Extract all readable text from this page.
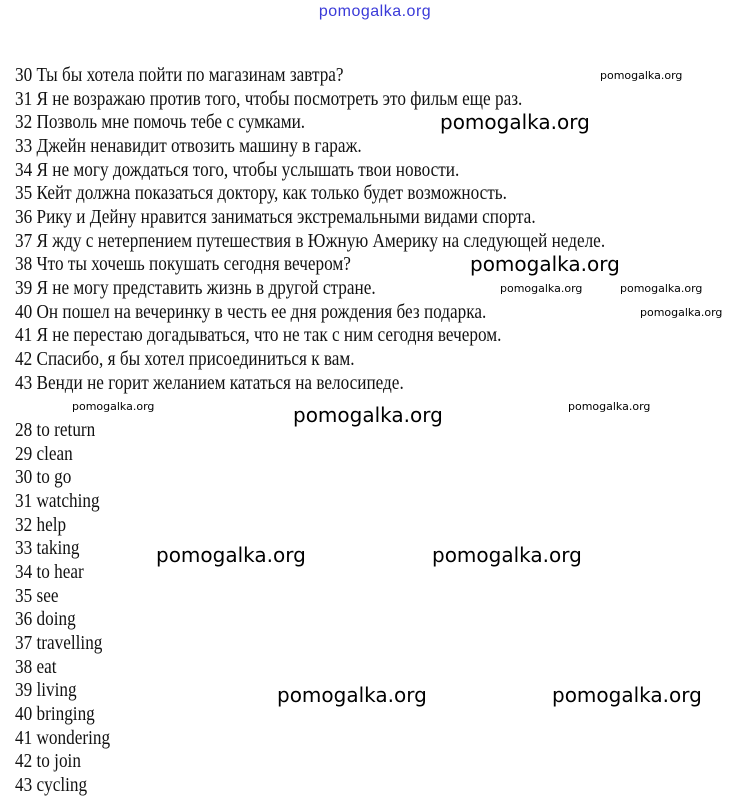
pomogalka.org
30 Ты бы хотела пойти по магазинам завтра?
31 Я не возражаю против того, чтобы посмотреть это фильм еще раз.
32 Позволь мне помочь тебе с сумками.
33 Джейн ненавидит отвозить машину в гараж.
34 Я не могу дождаться того, чтобы услышать твои новости.
35 Кейт должна показаться доктору, как только будет возможность.
36 Рику и Дейну нравится заниматься экстремальными видами спорта.
37 Я жду с нетерпением путешествия в Южную Америку на следующей неделе.
38 Что ты хочешь покушать сегодня вечером?
39 Я не могу представить жизнь в другой стране.
40 Он пошел на вечеринку в честь ее дня рождения без подарка.
41 Я не перестаю догадываться, что не так с ним сегодня вечером.
42 Спасибо, я бы хотел присоединиться к вам.
43 Венди не горит желанием кататься на велосипеде.
28 to return
29 clean
30 to go
31 watching
32 help
33 taking
34 to hear
35 see
36 doing
37 travelling
38 eat
39 living
40 bringing
41 wondering
42 to join
43 cycling
pomogalka.org
pomogalka.org
pomogalka.org
pomogalka.org	pomogalka.org
pomogalka.org	pomogalka.org
pomogalka.org
pomogalka.org
pomogalka.org	pomogalka.org
pomogalka.org	pomogalka.org
